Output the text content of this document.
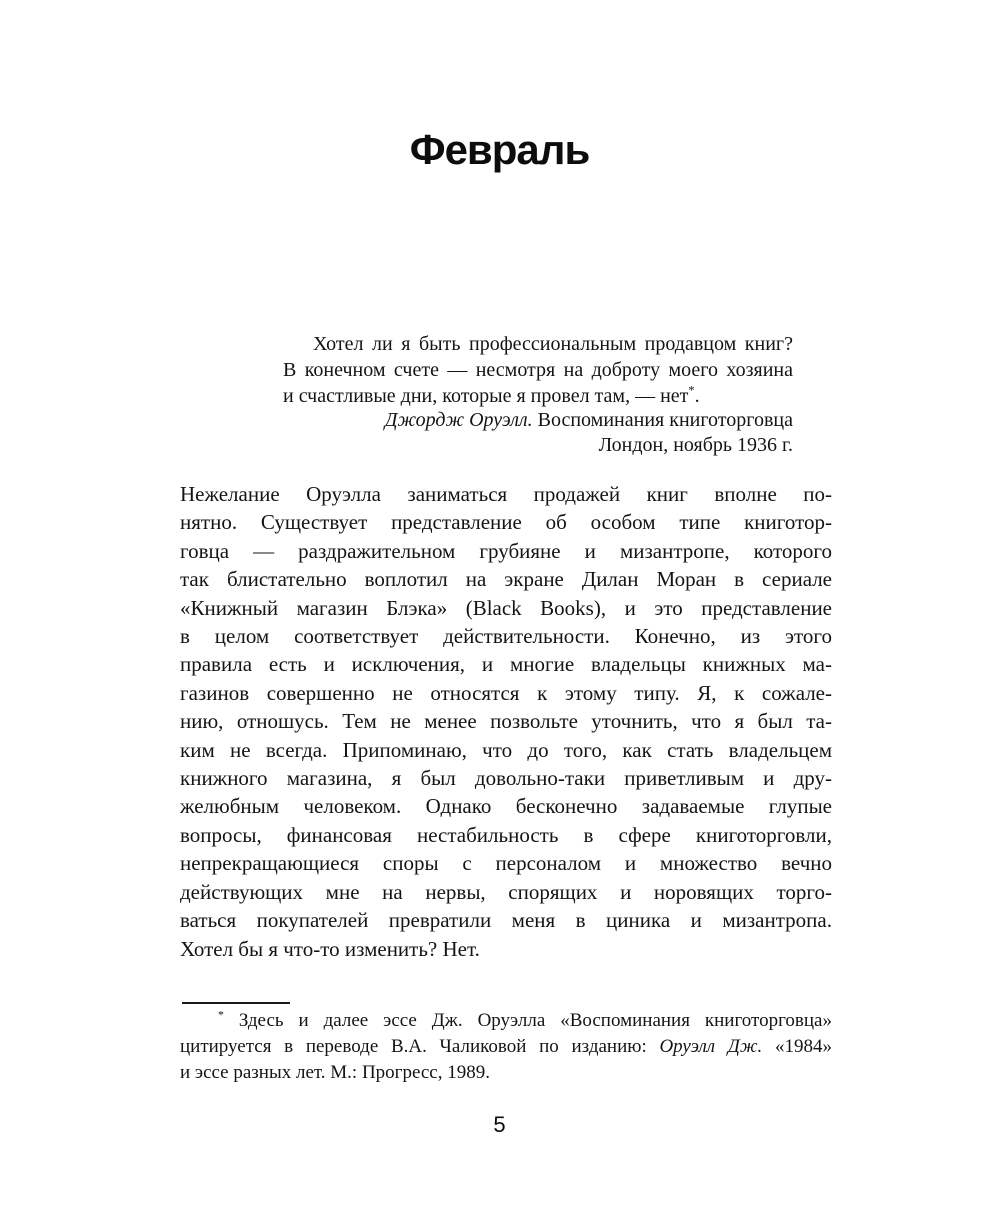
Февраль
Хотел ли я быть профессиональным продавцом книг?
В конечном счете — несмотря на доброту моего хозяина
и счастливые дни, которые я провел там, — нет*.
Джордж Оруэлл. Воспоминания книготорговца
Лондон, ноябрь 1936 г.
Нежелание Оруэлла заниматься продажей книг вполне по-
нятно. Существует представление об особом типе книготор-
говца — раздражительном грубияне и мизантропе, которого
так блистательно воплотил на экране Дилан Моран в сериале
«Книжный магазин Блэка» (Black Books), и это представление
в целом соответствует действительности. Конечно, из этого
правила есть и исключения, и многие владельцы книжных ма-
газинов совершенно не относятся к этому типу. Я, к сожале-
нию, отношусь. Тем не менее позвольте уточнить, что я был та-
ким не всегда. Припоминаю, что до того, как стать владельцем
книжного магазина, я был довольно-таки приветливым и дру-
желюбным человеком. Однако бесконечно задаваемые глупые
вопросы, финансовая нестабильность в сфере книготорговли,
непрекращающиеся споры с персоналом и множество вечно
действующих мне на нервы, спорящих и норовящих торго-
ваться покупателей превратили меня в циника и мизантропа.
Хотел бы я что-то изменить? Нет.
* Здесь и далее эссе Дж. Оруэлла «Воспоминания книготорговца»
цитируется в переводе В.А. Чаликовой по изданию: Оруэлл Дж. «1984»
и эссе разных лет. М.: Прогресс, 1989.
5
